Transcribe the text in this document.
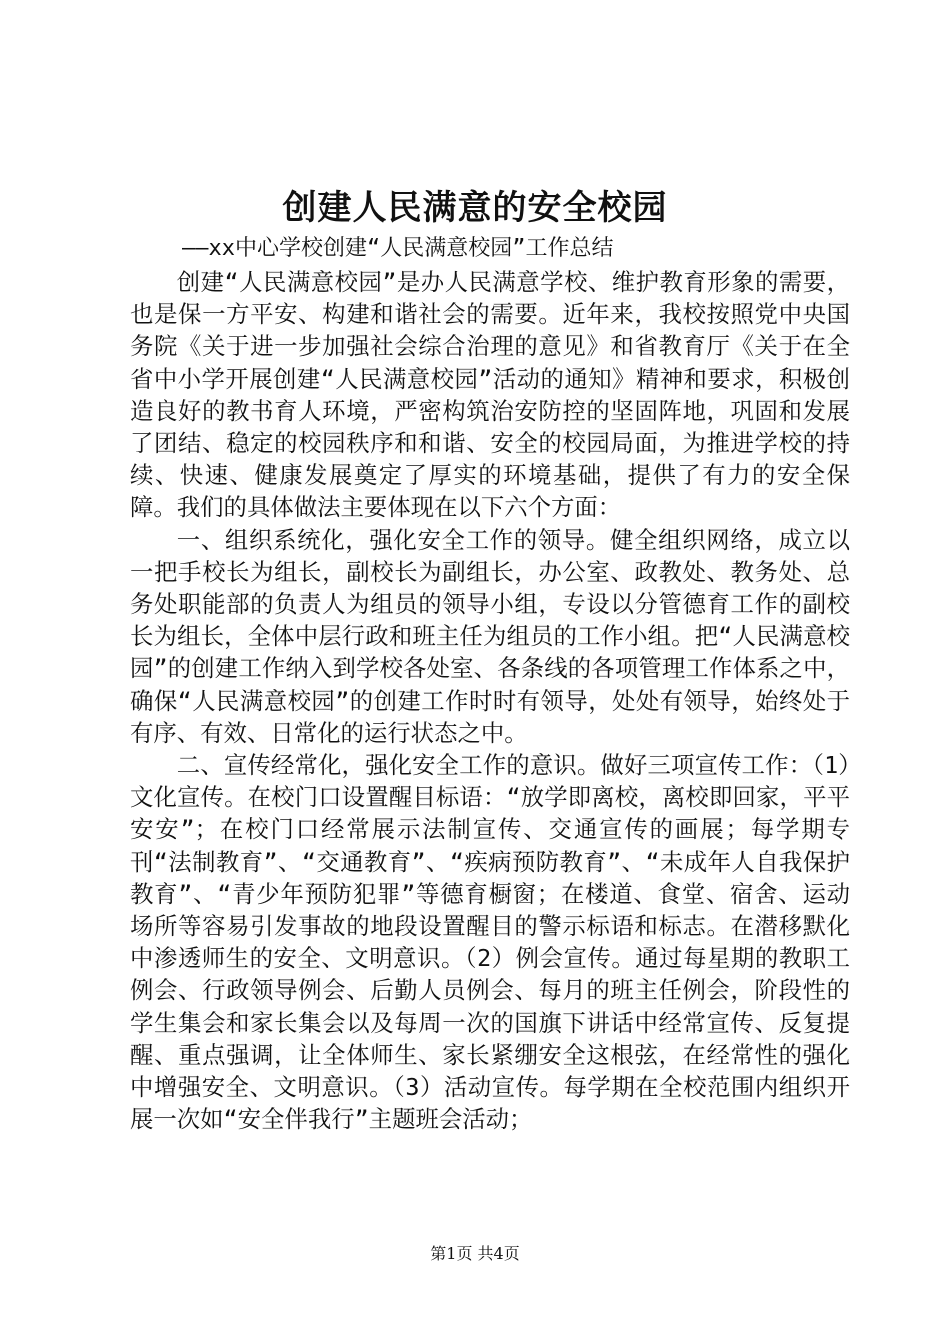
创建人民满意的安全校园
——xx中心学校创建“人民满意校园”工作总结

创建“人民满意校园”是办人民满意学校、维护教育形象的需要，也是保一方平安、构建和谐社会的需要。近年来，我校按照党中央国务院《关于进一步加强社会综合治理的意见》和省教育厅《关于在全省中小学开展创建“人民满意校园”活动的通知》精神和要求，积极创造良好的教书育人环境，严密构筑治安防控的坚固阵地，巩固和发展了团结、稳定的校园秩序和和谐、安全的校园局面，为推进学校的持续、快速、健康发展奠定了厚实的环境基础，提供了有力的安全保障。我们的具体做法主要体现在以下六个方面：

一、组织系统化，强化安全工作的领导。健全组织网络，成立以一把手校长为组长，副校长为副组长，办公室、政教处、教务处、总务处职能部的负责人为组员的领导小组，专设以分管德育工作的副校长为组长，全体中层行政和班主任为组员的工作小组。把“人民满意校园”的创建工作纳入到学校各处室、各条线的各项管理工作体系之中，确保“人民满意校园”的创建工作时时有领导，处处有领导，始终处于有序、有效、日常化的运行状态之中。

二、宣传经常化，强化安全工作的意识。做好三项宣传工作：（1）文化宣传。在校门口设置醒目标语：“放学即离校，离校即回家，平平安安”；在校门口经常展示法制宣传、交通宣传的画展；每学期专刊“法制教育”、“交通教育”、“疾病预防教育”、“未成年人自我保护教育”、“青少年预防犯罪”等德育橱窗；在楼道、食堂、宿舍、运动场所等容易引发事故的地段设置醒目的警示标语和标志。在潜移默化中渗透师生的安全、文明意识。（2）例会宣传。通过每星期的教职工例会、行政领导例会、后勤人员例会、每月的班主任例会，阶段性的学生集会和家长集会以及每周一次的国旗下讲话中经常宣传、反复提醒、重点强调，让全体师生、家长紧绷安全这根弦，在经常性的强化中增强安全、文明意识。（3）活动宣传。每学期在全校范围内组织开展一次如“安全伴我行”主题班会活动；

第1页 共4页
